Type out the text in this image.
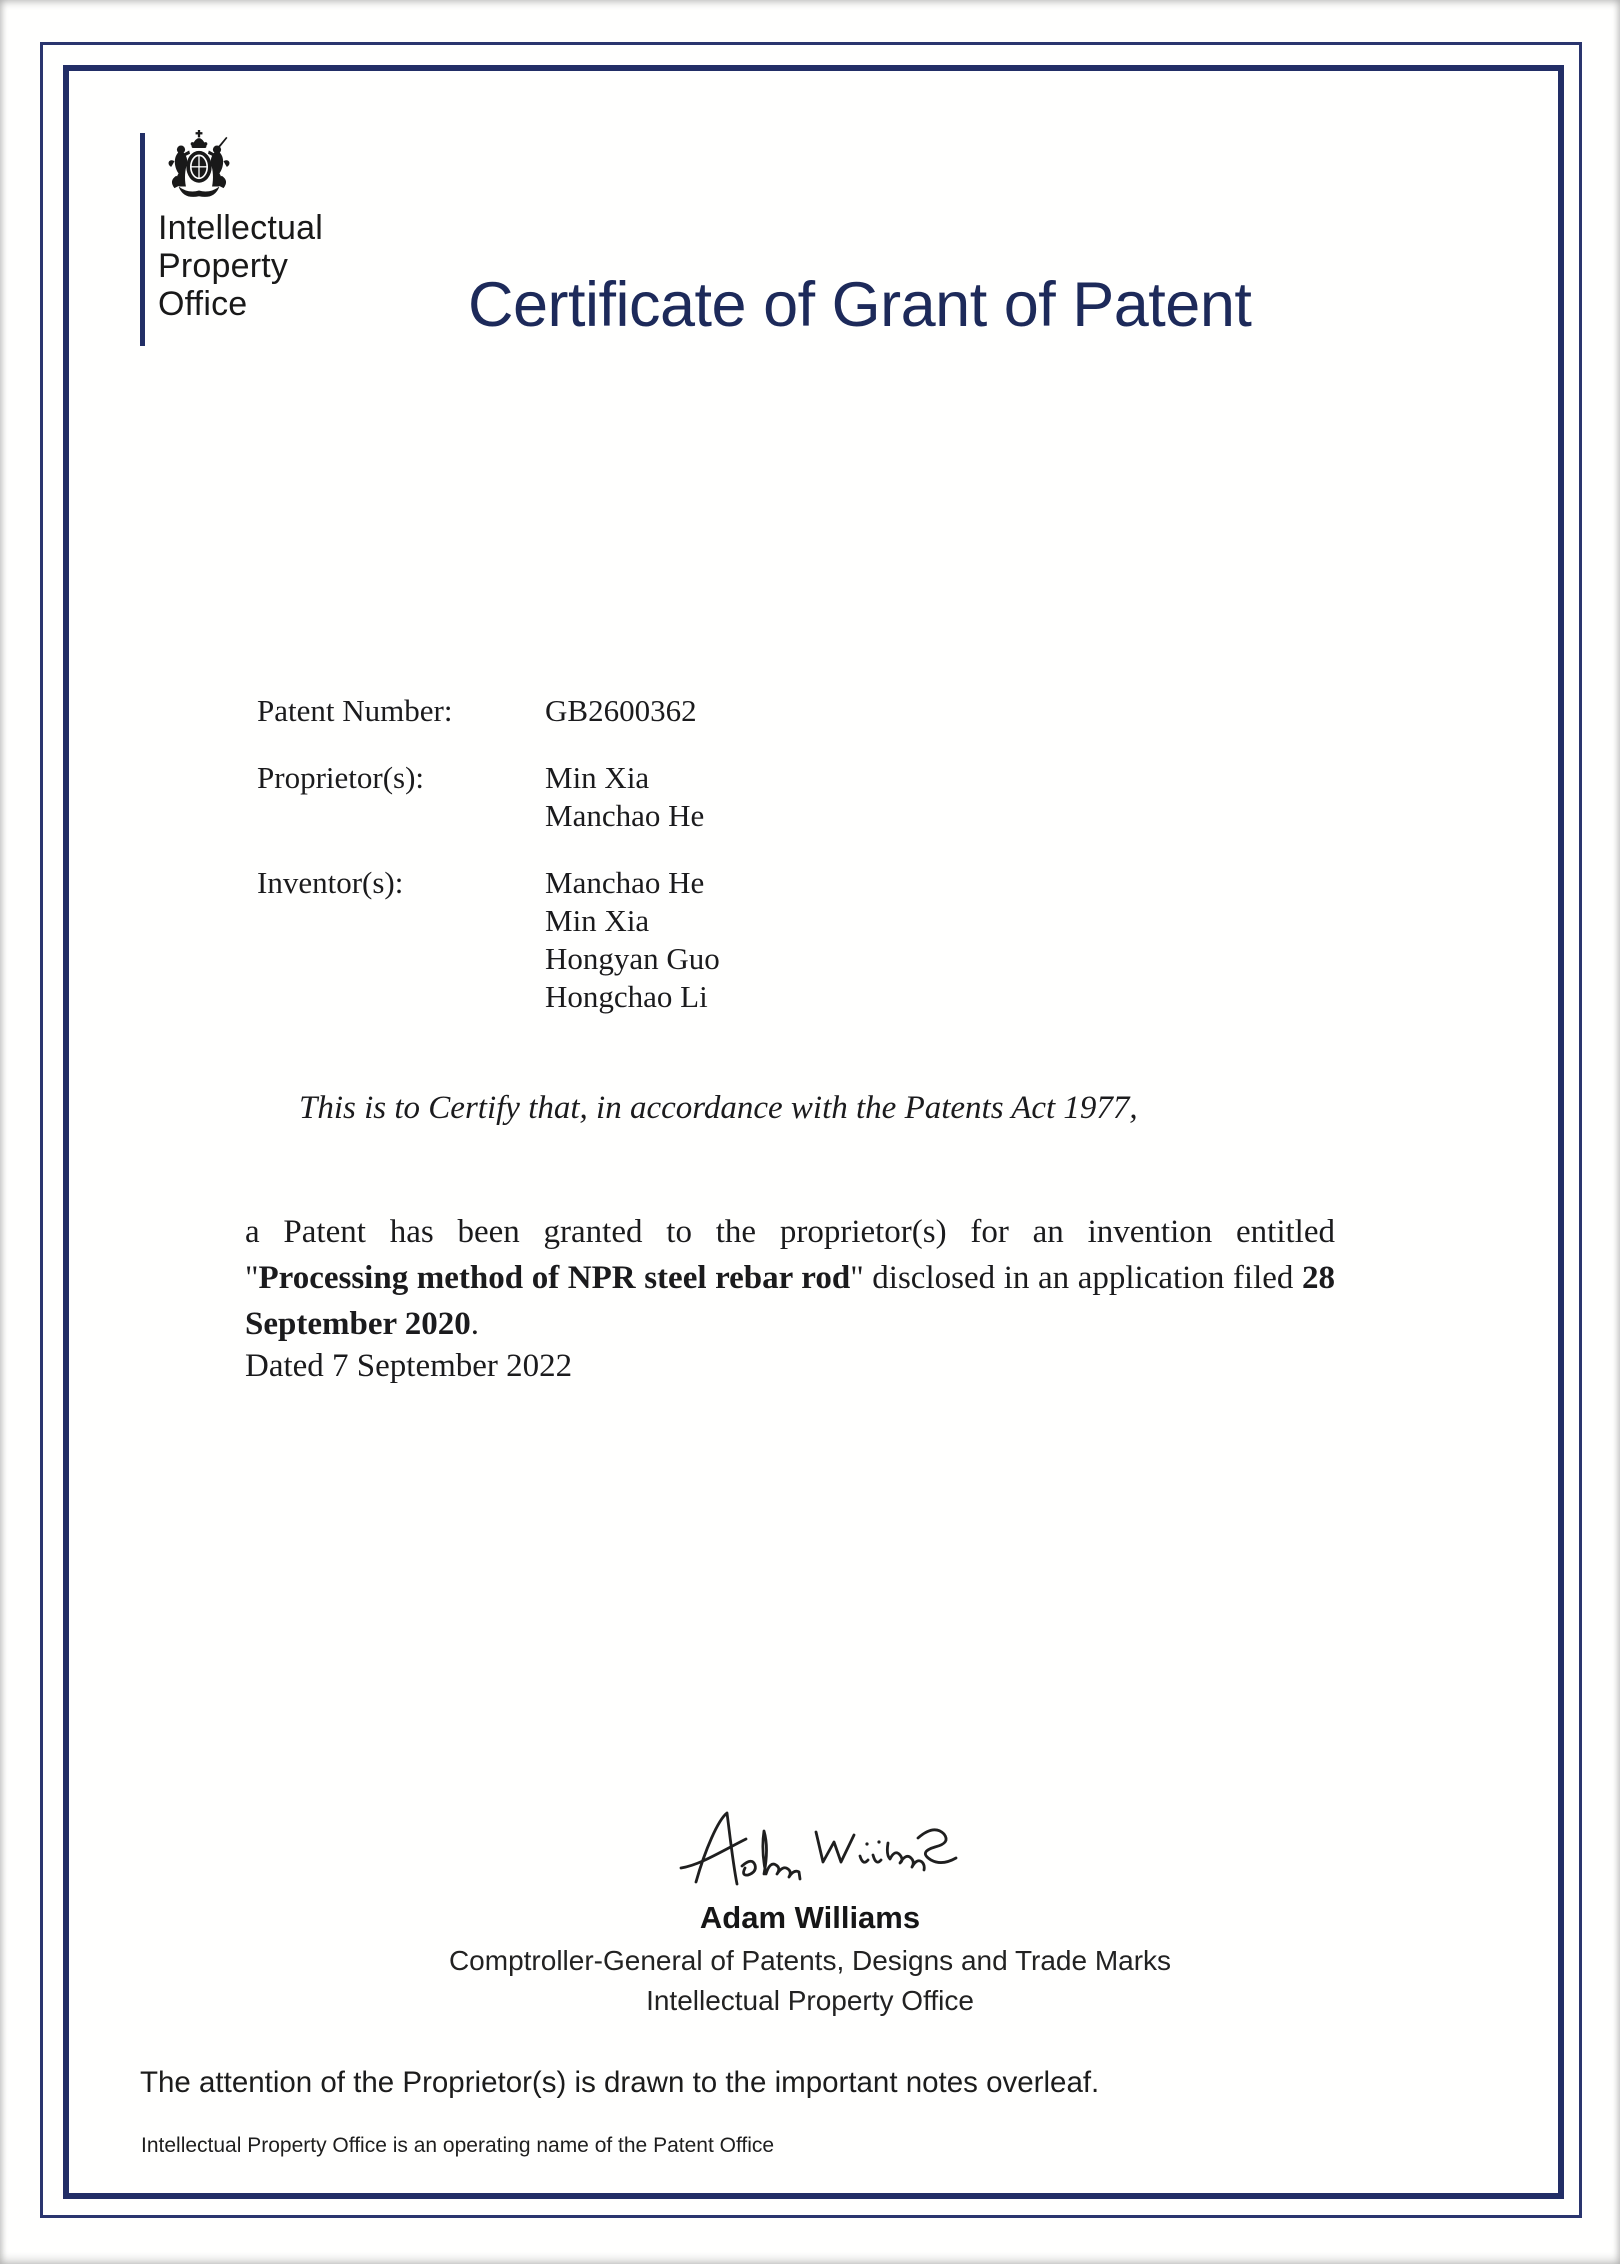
Intellectual
Property
Office	Certificate of Grant of Patent
Patent Number:	GB2600362
Proprietor(s):	Min Xia
Manchao He
Inventor(s):	Manchao He
Min Xia
Hongyan Guo
Hongchao Li
This is to Certify that, in accordance with the Patents Act 1977,

a Patent has been granted to the proprietor(s) for an invention entitled "Processing method of NPR steel rebar rod" disclosed in an application filed 28 September 2020.

Dated 7 September 2022
Adam Williams
Comptroller-General of Patents, Designs and Trade Marks
Intellectual Property Office
The attention of the Proprietor(s) is drawn to the important notes overleaf.
Intellectual Property Office is an operating name of the Patent Office
